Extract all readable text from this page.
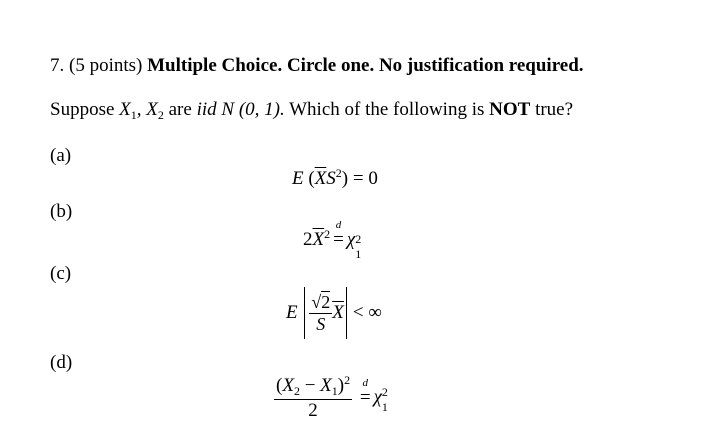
7. (5 points) Multiple Choice. Circle one. No justification required.
Suppose $X_1$, $X_2$ are iid N (0, 1). Which of the following is NOT true?
(a)
(b)
(c)
(d)
E $(\overline{X}S^2) = 0$
$2\overline{X}^2$
d
= χ 2
1
E $\frac{√2}{S} \overline{X}$ < ∞
$\frac{(X_2 - X_1)^2}{2}$
d
= χ 2
1
